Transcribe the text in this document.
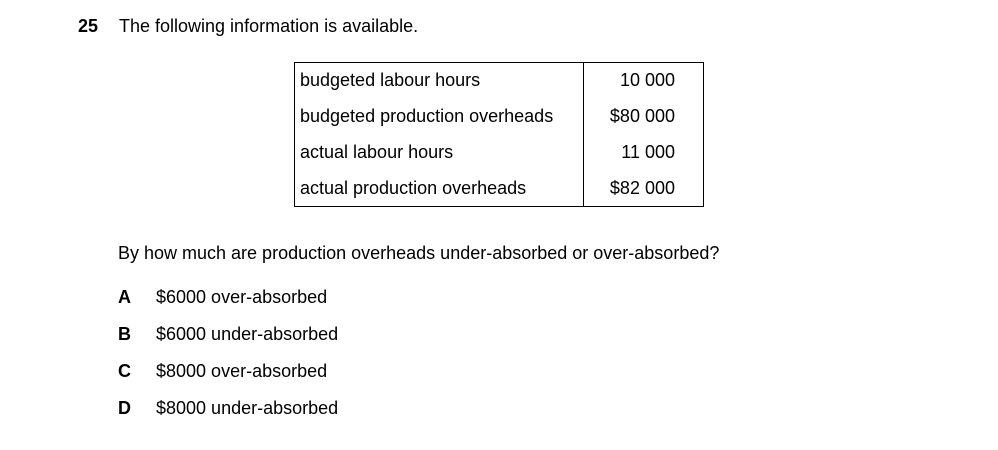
25 The following information is available.
budgeted labour hours	10 000
budgeted production overheads	$80 000
actual labour hours	11 000
actual production overheads	$82 000
By how much are production overheads under-absorbed or over-absorbed?
A	$6000 over-absorbed
B	$6000 under-absorbed
C	$8000 over-absorbed
D	$8000 under-absorbed
